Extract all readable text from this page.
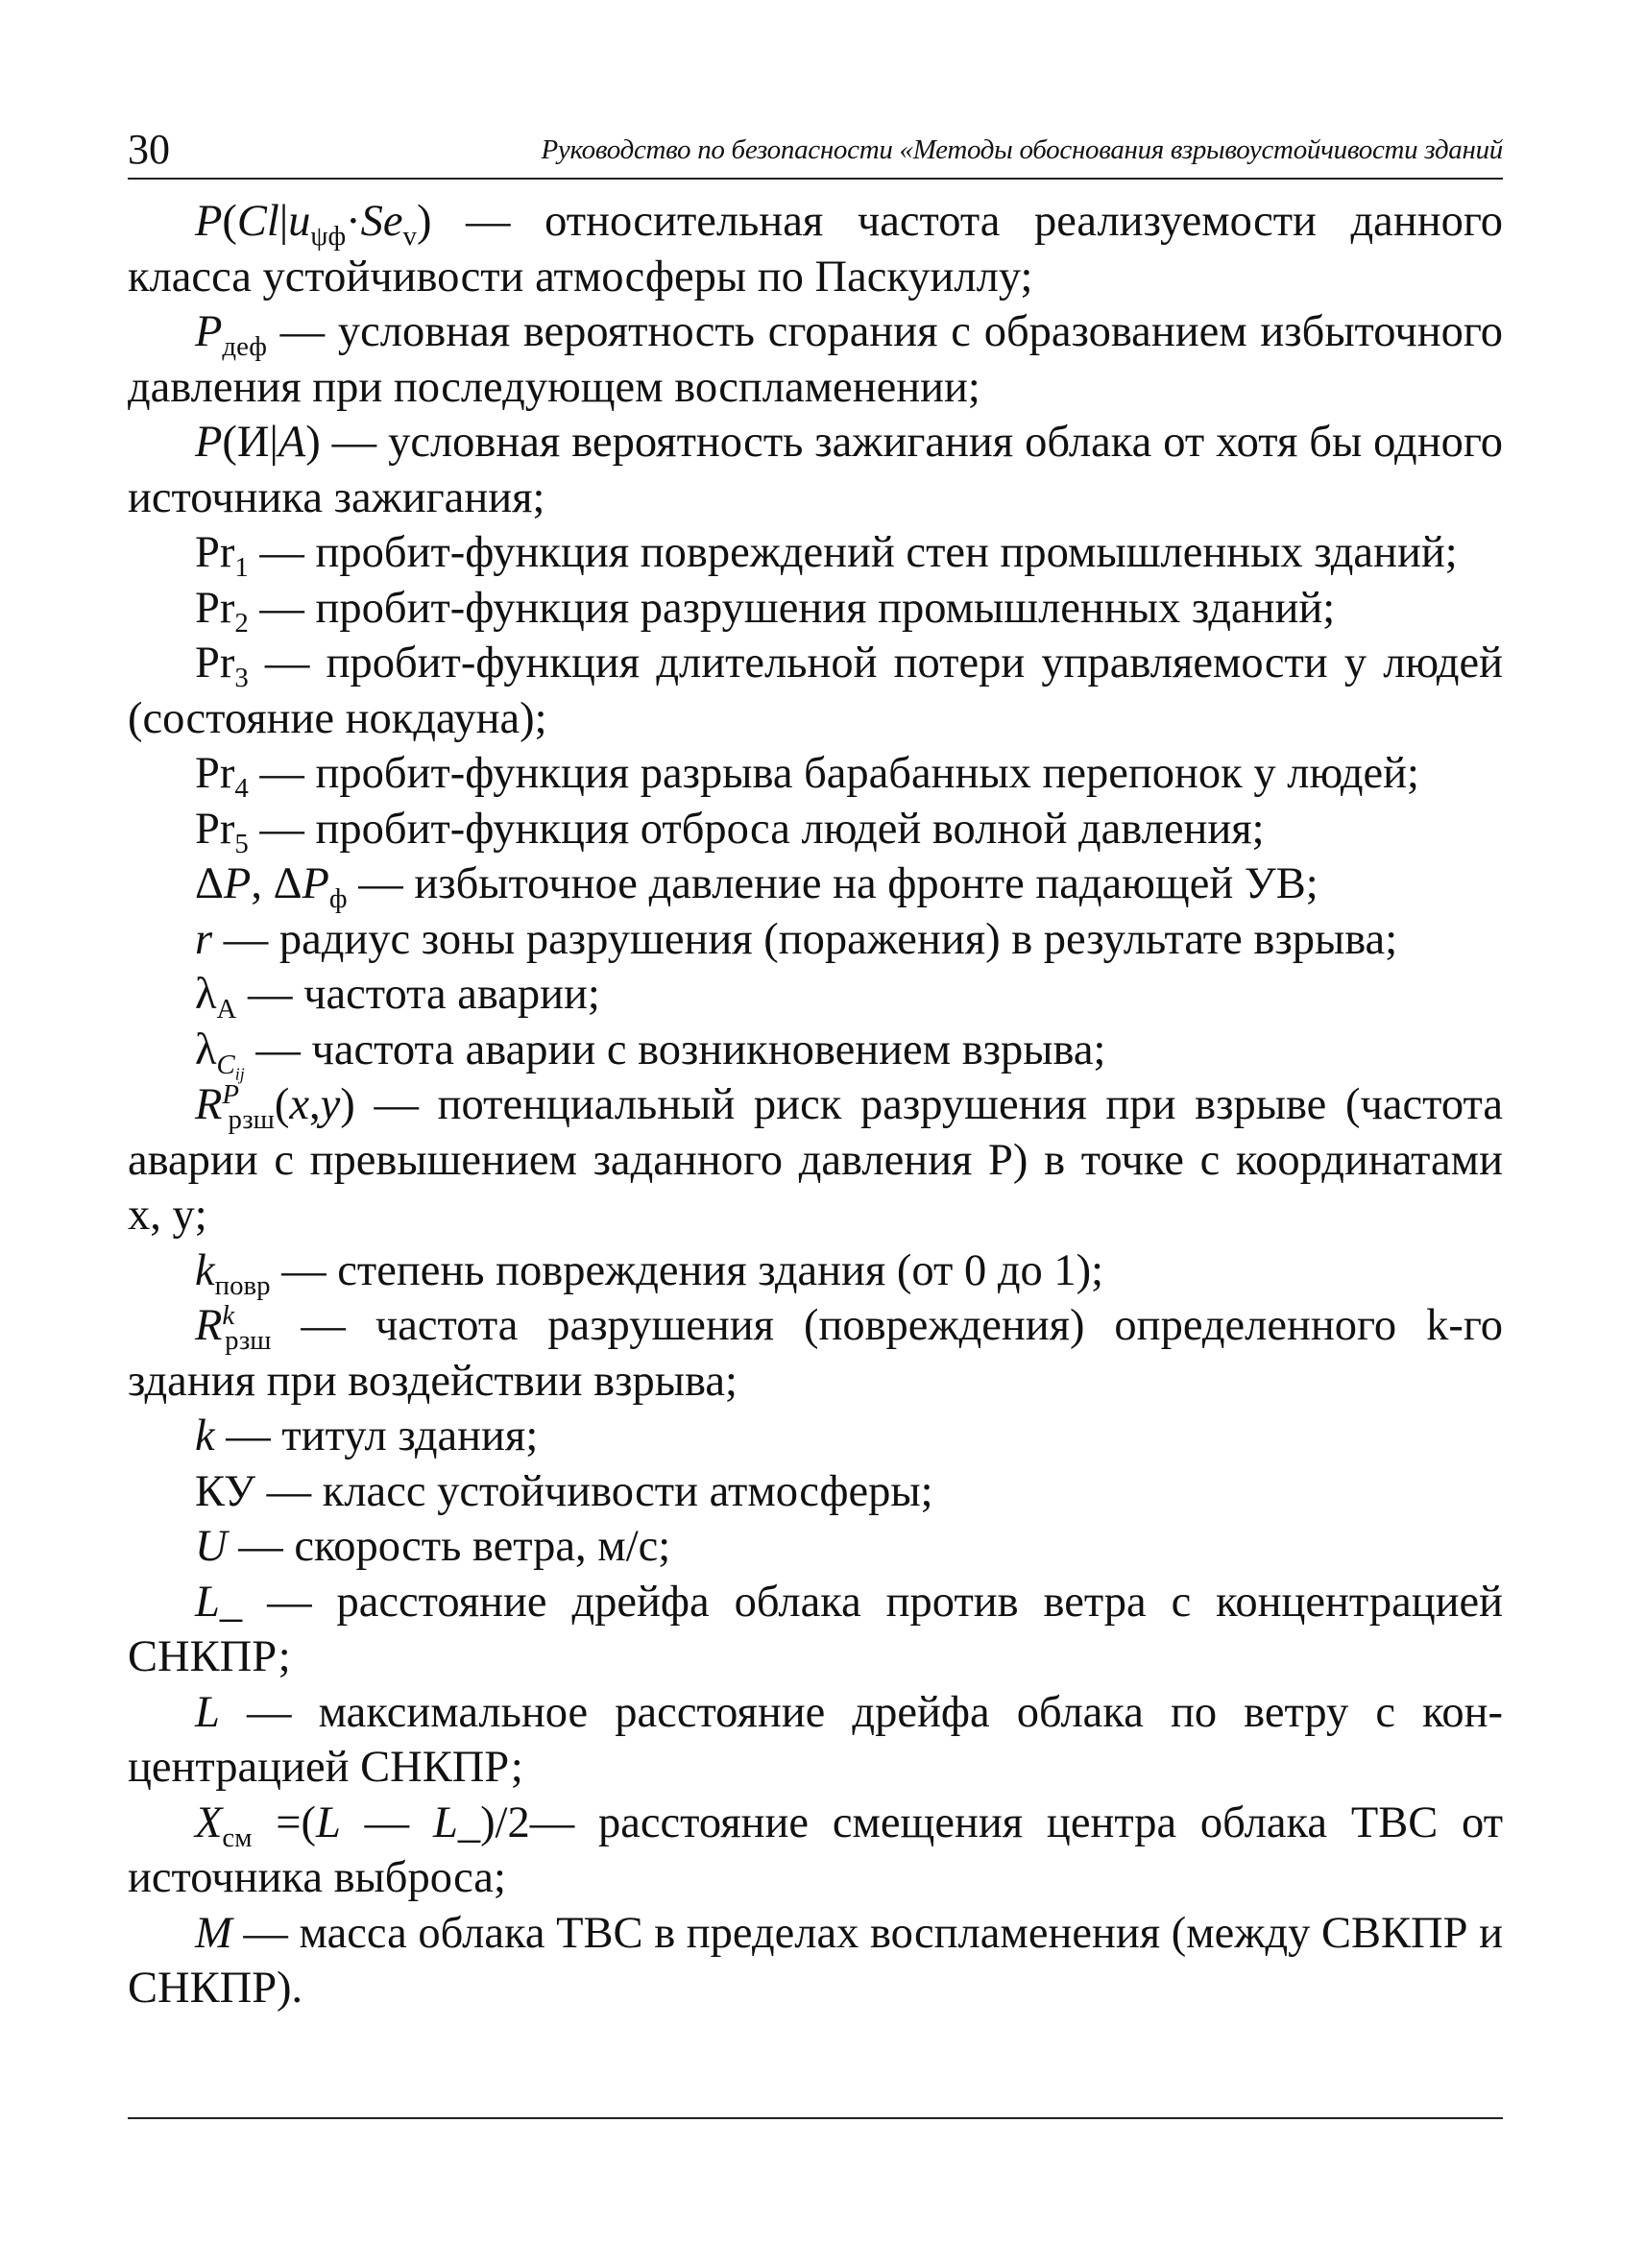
30	Руководство по безопасности «Методы обоснования взрывоустойчивости зданий

$P(Cl|u_{\psi ф}\cdot Se_v)$ — относительная частота реализуемости данного класса устойчивости атмосферы по Паскуиллу;

$P_{деф}$ — условная вероятность сгорания с образованием избыточного давления при последующем воспламенении;

P(И|A) — условная вероятность зажигания облака от хотя бы одного источника зажигания;

$Pr_1$ — пробит-функция повреждений стен промышленных зданий;

$Pr_2$ — пробит-функция разрушения промышленных зданий;

$Pr_3$ — пробит-функция длительной потери управляемости у людей (состояние нокдауна);

$Pr_4$ — пробит-функция разрыва барабанных перепонок у людей;

$Pr_5$ — пробит-функция отброса людей волной давления;

ΔP, $\Delta P_ф$ — избыточное давление на фронте падающей УВ;

r — радиус зоны разрушения (поражения) в результате взрыва;

$\lambda_A$ — частота аварии;

$\lambda_{C_{ij}}$ — частота аварии с возникновением взрыва;

$R^P_{рзш}(x,y)$ — потенциальный риск разрушения при взрыве (частота аварии с превышением заданного давления P) в точке с координатами x, y;

$k_{повр}$ — степень повреждения здания (от 0 до 1);

$R^k_{рзш}$ — частота разрушения (повреждения) определенного k-го здания при воздействии взрыва;

k — титул здания;

КУ — класс устойчивости атмосферы;

U — скорость ветра, м/с;

L_ — расстояние дрейфа облака против ветра с концентрацией CНКПР;

L — максимальное расстояние дрейфа облака по ветру с концентрацией CНКПР;

$X_{см} =(L$ — L_)/2— расстояние смещения центра облака ТВС от источника выброса;

M — масса облака ТВС в пределах воспламенения (между CВКПР и CНКПР).
